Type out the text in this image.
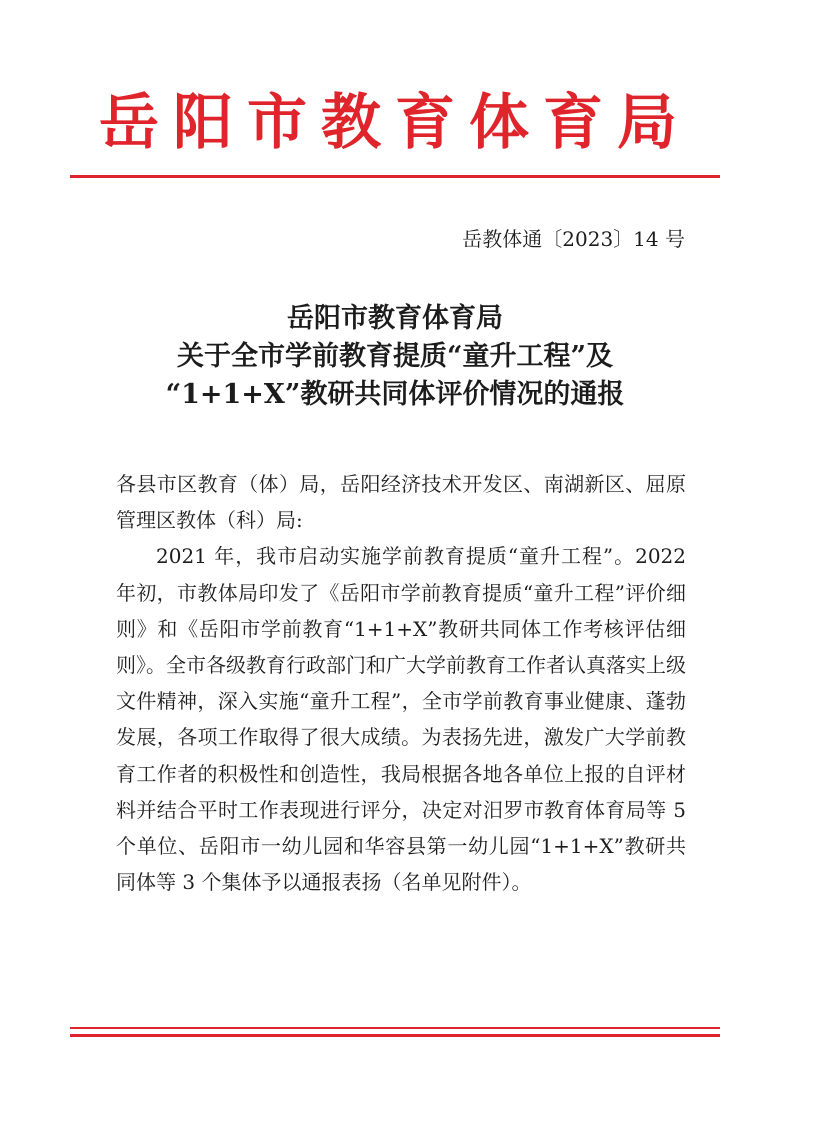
岳阳市教育体育局
岳教体通〔2023〕14 号
岳阳市教育体育局
关于全市学前教育提质“童升工程”及
“1+1+X”教研共同体评价情况的通报

各县市区教育（体）局，岳阳经济技术开发区、南湖新区、屈原管理区教体（科）局:

2021 年，我市启动实施学前教育提质“童升工程”。2022 年初，市教体局印发了《岳阳市学前教育提质“童升工程”评价细则》和《岳阳市学前教育“1+1+X”教研共同体工作考核评估细则》。全市各级教育行政部门和广大学前教育工作者认真落实上级文件精神，深入实施“童升工程”，全市学前教育事业健康、蓬勃发展，各项工作取得了很大成绩。为表扬先进，激发广大学前教育工作者的积极性和创造性，我局根据各地各单位上报的自评材料并结合平时工作表现进行评分，决定对汨罗市教育体育局等 5 个单位、岳阳市一幼儿园和华容县第一幼儿园“1+1+X”教研共同体等 3 个集体予以通报表扬（名单见附件）。
